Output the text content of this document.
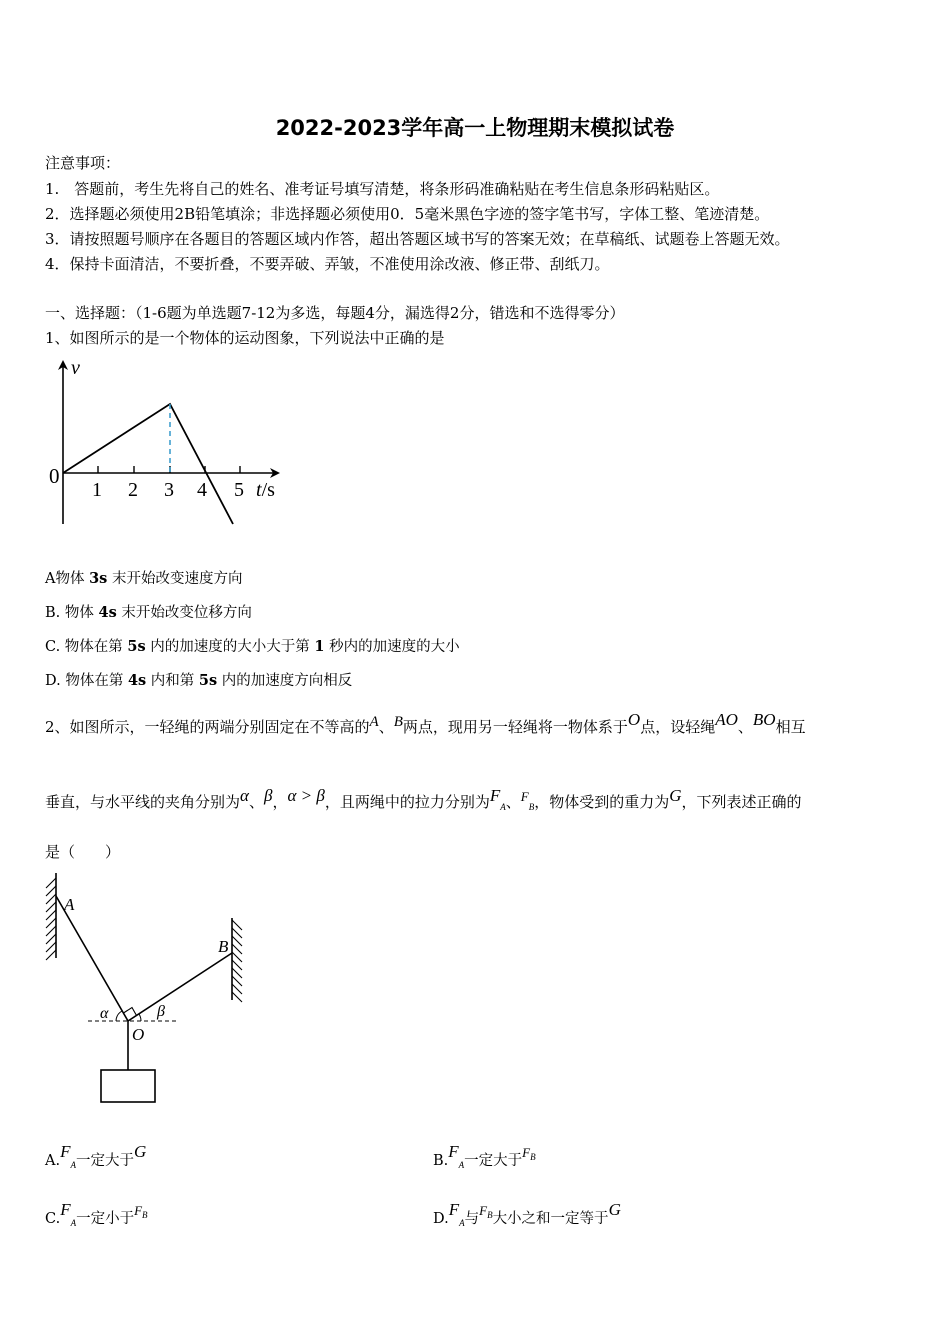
2022-2023学年高一上物理期末模拟试卷
注意事项：
1.　答题前，考生先将自己的姓名、准考证号填写清楚，将条形码准确粘贴在考生信息条形码粘贴区。
2．选择题必须使用2B铅笔填涂；非选择题必须使用0．5毫米黑色字迹的签字笔书写，字体工整、笔迹清楚。
3．请按照题号顺序在各题目的答题区域内作答，超出答题区域书写的答案无效；在草稿纸、试题卷上答题无效。
4．保持卡面清洁，不要折叠，不要弄破、弄皱，不准使用涂改液、修正带、刮纸刀。
一、选择题：（1-6题为单选题7-12为多选，每题4分，漏选得2分，错选和不选得零分）
1、如图所示的是一个物体的运动图象，下列说法中正确的是
v
0
1 2 3 4 5 t/s
A物体 3s 末开始改变速度方向
B. 物体 4s 末开始改变位移方向
C. 物体在第 5s 内的加速度的大小大于第 1 秒内的加速度的大小
D. 物体在第 4s 内和第 5s 内的加速度方向相反
2、如图所示，一轻绳的两端分别固定在不等高的A、B两点，现用另一轻绳将一物体系于O点，设轻绳AO、BO相互
垂直，与水平线的夹角分别为α、β，α > β，且两绳中的拉力分别为$F_A$、$F_B$，物体受到的重力为G，下列表述正确的
是（　　）
A
B
O
α	β
$A.F_A$一定大于G	$B.F_A$一定大于$F^B$
$C.F_A$一定小于$F^B$	$D.F_A$与$F^B$大小之和一定等于G
